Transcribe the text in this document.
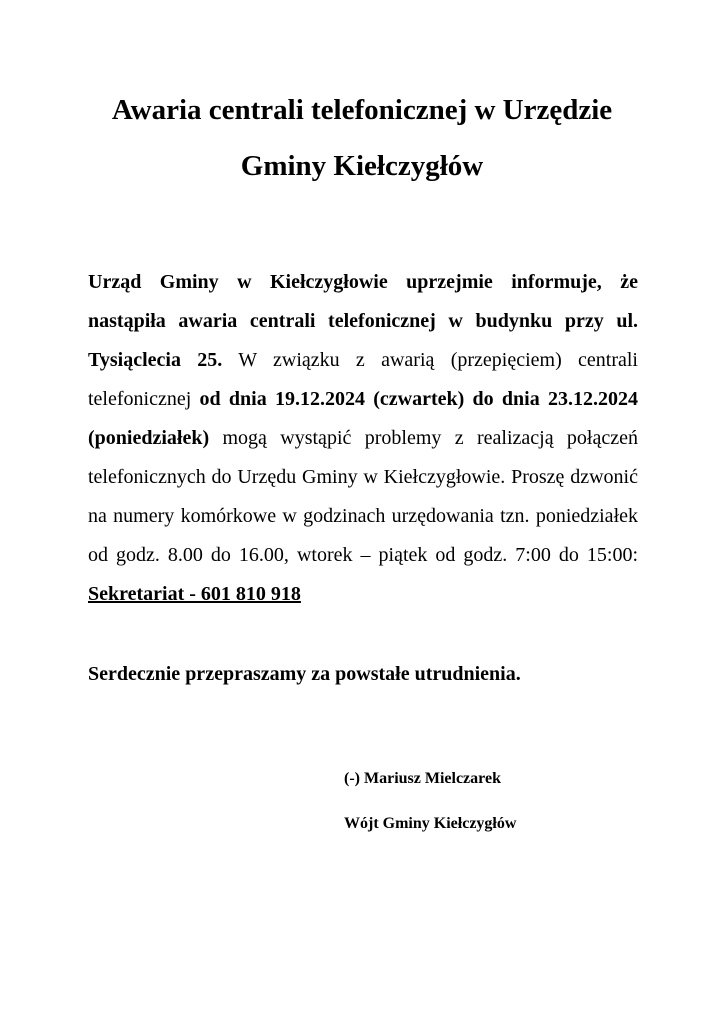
Awaria centrali telefonicznej w Urzędzie
Gminy Kiełczygłów

Urząd Gminy w Kiełczygłowie uprzejmie informuje, że nastąpiła awaria centrali telefonicznej w budynku przy ul. Tysiąclecia 25. W związku z awarią (przepięciem) centrali telefonicznej od dnia 19.12.2024 (czwartek) do dnia 23.12.2024 (poniedziałek) mogą wystąpić problemy z realizacją połączeń telefonicznych do Urzędu Gminy w Kiełczygłowie. Proszę dzwonić na numery komórkowe w godzinach urzędowania tzn. poniedziałek od godz. 8.00 do 16.00, wtorek – piątek od godz. 7:00 do 15:00: Sekretariat - 601 810 918

Serdecznie przepraszamy za powstałe utrudnienia.

(-) Mariusz Mielczarek

Wójt Gminy Kiełczygłów
